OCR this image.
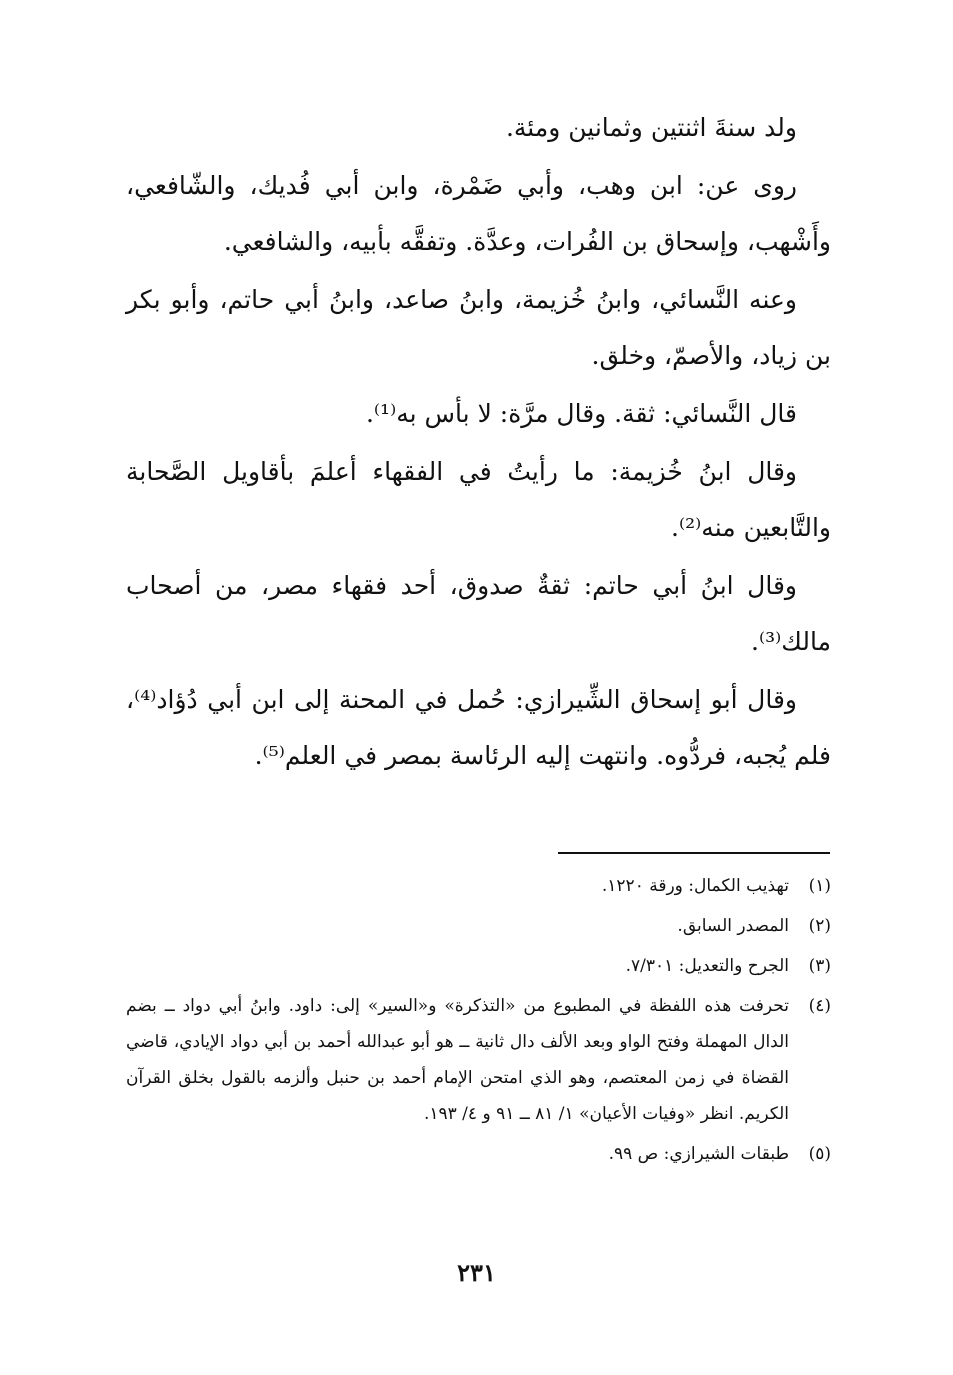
ولد سنةَ اثنتين وثمانين ومئة.

روى عن: ابن وهب، وأبي ضَمْرة، وابن أبي فُديك، والشّافعي، وأَشْهب، وإسحاق بن الفُرات، وعدَّة. وتفقَّه بأبيه، والشافعي.

وعنه النَّسائي، وابنُ خُزيمة، وابنُ صاعد، وابنُ أبي حاتم، وأبو بكر بن زياد، والأصمّ، وخلق.

قال النَّسائي: ثقة. وقال مرَّة: لا بأس به⁽¹⁾.

وقال ابنُ خُزيمة: ما رأيتُ في الفقهاء أعلمَ بأقاويل الصَّحابة والتَّابعين منه⁽²⁾.

وقال ابنُ أبي حاتم: ثقةٌ صدوق، أحد فقهاء مصر، من أصحاب مالك⁽³⁾.

وقال أبو إسحاق الشِّيرازي: حُمل في المحنة إلى ابن أبي دُؤاد⁽⁴⁾، فلم يُجبه، فردُّوه. وانتهت إليه الرئاسة بمصر في العلم⁽⁵⁾.

(١)
تهذيب الكمال: ورقة ١٢٢٠.
(٢)
المصدر السابق.
(٣)
الجرح والتعديل: ٧/٣٠١.
(٤)
تحرفت هذه اللفظة في المطبوع من «التذكرة» و«السير» إلى: داود. وابنُ أبي دواد ــ بضم الدال المهملة وفتح الواو وبعد الألف دال ثانية ــ هو أبو عبدالله أحمد بن أبي دواد الإيادي، قاضي القضاة في زمن المعتصم، وهو الذي امتحن الإمام أحمد بن حنبل وألزمه بالقول بخلق القرآن الكريم. انظر «وفيات الأعيان» ١/ ٨١ ــ ٩١ و ٤/ ١٩٣.
(٥)
طبقات الشيرازي: ص ٩٩.
٢٣١
